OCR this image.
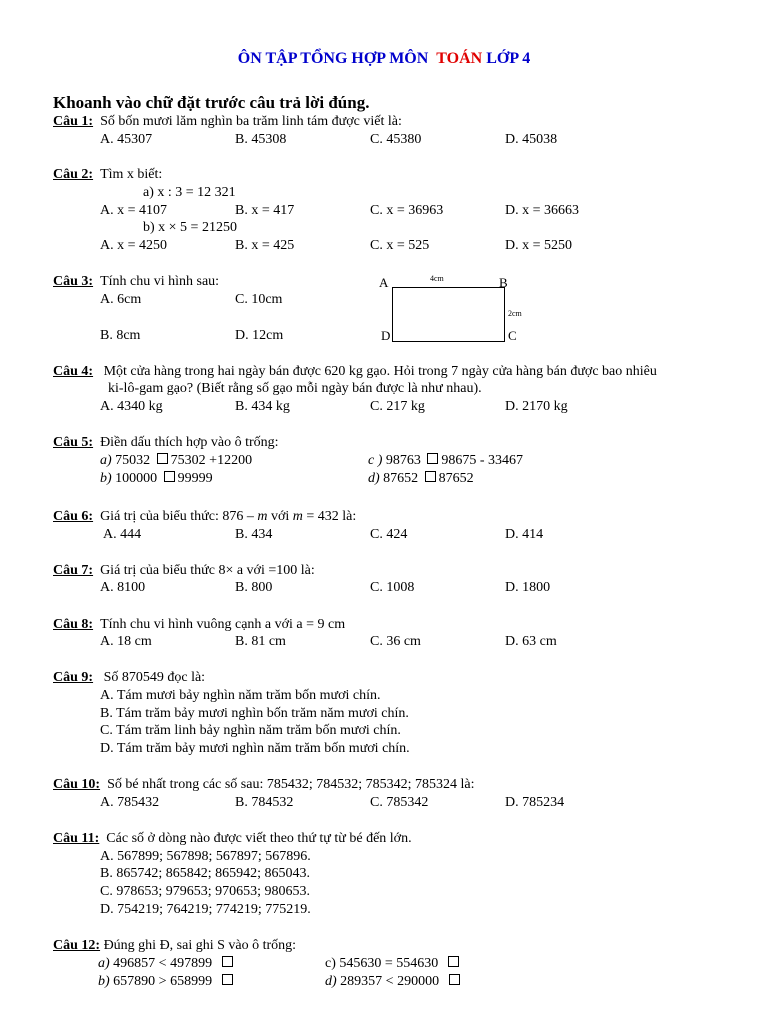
ÔN TẬP TỔNG HỢP MÔN TOÁN LỚP 4
Khoanh vào chữ đặt trước câu trả lời đúng.
Câu 1: Số bốn mươi lăm nghìn ba trăm linh tám được viết là:
A. 45307	B. 45308	C. 45380	D. 45038
Câu 2: Tìm x biết:
a) x : 3 = 12 321
A. x = 4107	B. x = 417	C. x = 36963	D. x = 36663
b) x × 5 = 21250
A. x = 4250	B. x = 425	C. x = 525	D. x = 5250
Câu 3: Tính chu vi hình sau:
A. 6cm	C. 10cm
B. 8cm	D. 12cm
A	B
C
D
4cm
2cm
Câu 4: Một cửa hàng trong hai ngày bán được 620 kg gạo. Hỏi trong 7 ngày cửa hàng bán được bao nhiêu
ki-lô-gam gạo? (Biết rằng số gạo mỗi ngày bán được là như nhau).
A. 4340 kg	B. 434 kg	C. 217 kg	D. 2170 kg
Câu 5: Điền dấu thích hợp vào ô trống:
a) 75032 75302 +12200	c ) 98763 98675 - 33467
b) 100000 99999	d) 87652 87652
Câu 6: Giá trị của biểu thức: 876 – m với m = 432 là:
A. 444	B. 434	C. 424	D. 414
Câu 7: Giá trị của biểu thức 8× a với =100 là:
A. 8100	B. 800	C. 1008	D. 1800
Câu 8: Tính chu vi hình vuông cạnh a với a = 9 cm
A. 18 cm	B. 81 cm	C. 36 cm	D. 63 cm
Câu 9: Số 870549 đọc là:
A. Tám mươi bảy nghìn năm trăm bốn mươi chín.
B. Tám trăm bảy mươi nghìn bốn trăm năm mươi chín.
C. Tám trăm linh bảy nghìn năm trăm bốn mươi chín.
D. Tám trăm bảy mươi nghìn năm trăm bốn mươi chín.
Câu 10: Số bé nhất trong các số sau: 785432; 784532; 785342; 785324 là:
A. 785432	B. 784532	C. 785342	D. 785234
Câu 11: Các số ở dòng nào được viết theo thứ tự từ bé đến lớn.
A. 567899; 567898; 567897; 567896.
B. 865742; 865842; 865942; 865043.
C. 978653; 979653; 970653; 980653.
D. 754219; 764219; 774219; 775219.
Câu 12: Đúng ghi Đ, sai ghi S vào ô trống:
a) 496857 < 497899	c) 545630 = 554630
b) 657890 > 658999	d) 289357 < 290000
